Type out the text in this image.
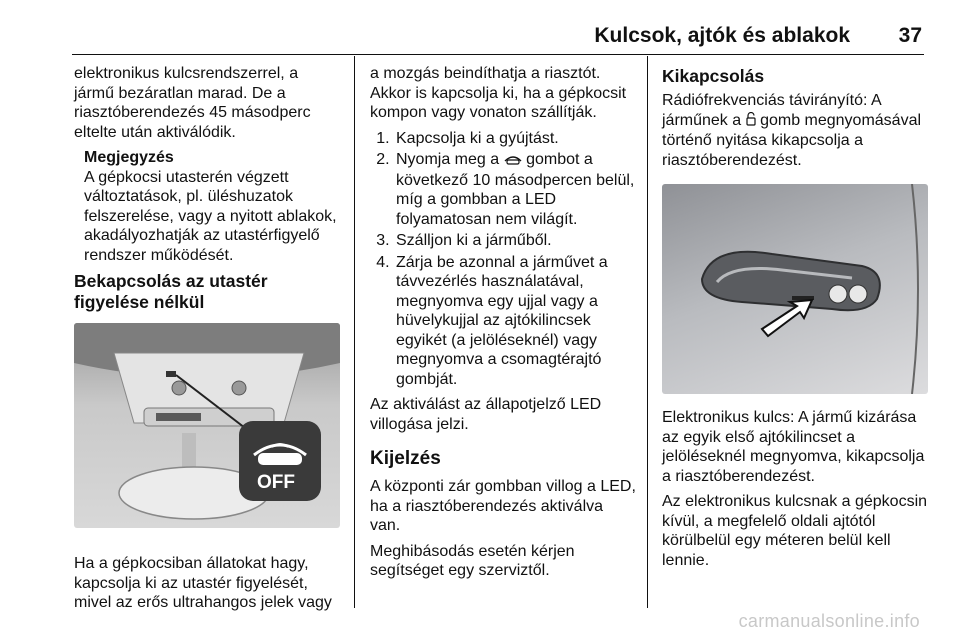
Kulcsok, ajtók és ablakok 37

elektronikus kulcsrendszerrel, a jármű bezáratlan marad. De a riasztóberendezés 45 másodperc eltelte után aktiválódik.

Megjegyzés

A gépkocsi utasterén végzett változtatások, pl. üléshuzatok felszerelése, vagy a nyitott ablakok, akadályozhatják az utastérfigyelő rendszer működését.

Bekapcsolás az utastér figyelése nélkül
OFF

Ha a gépkocsiban állatokat hagy, kapcsolja ki az utastér figyelését, mivel az erős ultrahangos jelek vagy

a mozgás beindíthatja a riasztót. Akkor is kapcsolja ki, ha a gépkocsit kompon vagy vonaton szállítják.

1. Kapcsolja ki a gyújtást.
2. Nyomja meg a gombot a következő 10 másodpercen belül, míg a gombban a LED folyamatosan nem világít.
3. Szálljon ki a járműből.
4. Zárja be azonnal a járművet a távvezérlés használatával, megnyomva egy ujjal vagy a hüvelykujjal az ajtókilincsek egyikét (a jelöléseknél) vagy megnyomva a csomagtérajtó gombját.

Az aktiválást az állapotjelző LED villogása jelzi.

Kijelzés

A központi zár gombban villog a LED, ha a riasztóberendezés aktiválva van.

Meghibásodás esetén kérjen segítséget egy szerviztől.

Kikapcsolás

Rádiófrekvenciás távirányító: A járműnek a gomb megnyomásával történő nyitása kikapcsolja a riasztóberendezést.

Elektronikus kulcs: A jármű kizárása az egyik első ajtókilincset a jelöléseknél megnyomva, kikapcsolja a riasztóberendezést.

Az elektronikus kulcsnak a gépkocsin kívül, a megfelelő oldali ajtótól körülbelül egy méteren belül kell lennie.

carmanualsonline.info
